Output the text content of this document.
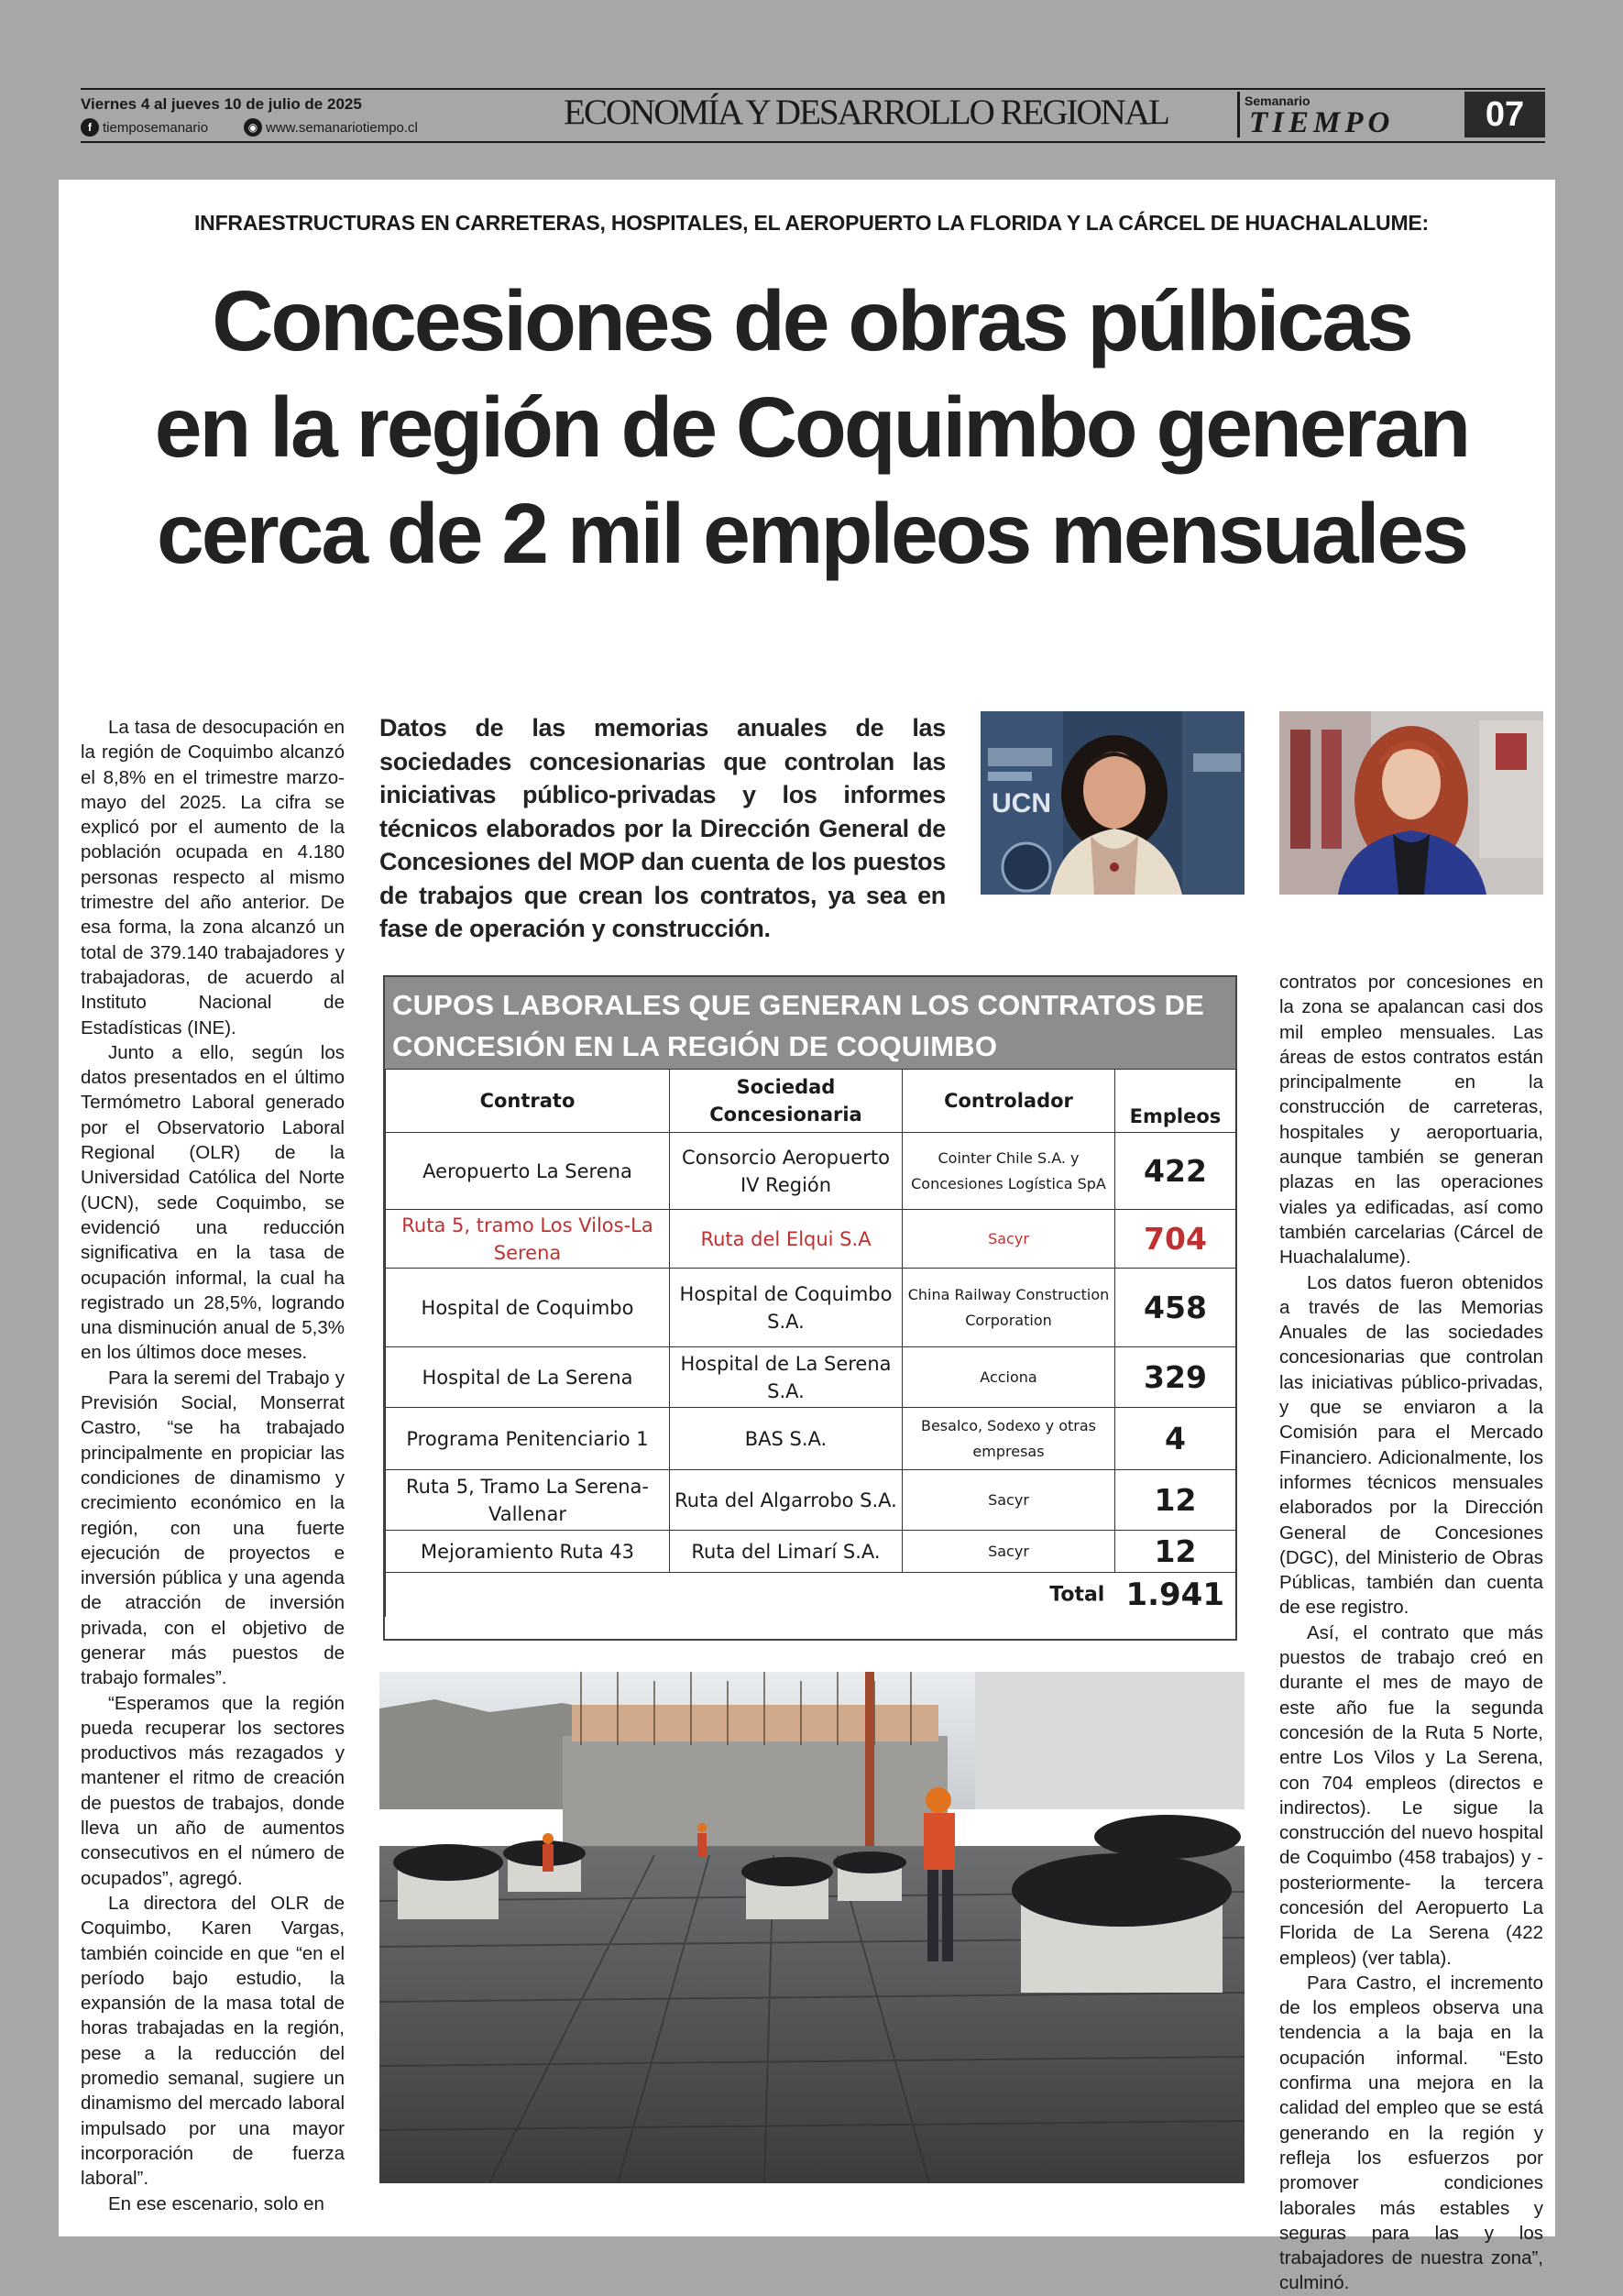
Viernes 4 al jueves 10 de julio de 2025
f tiemposemanario	◉ www.semanariotiempo.cl	ECONOMÍA Y DESARROLLO REGIONAL	Semanario
TIEMPO	07
INFRAESTRUCTURAS EN CARRETERAS, HOSPITALES, EL AEROPUERTO LA FLORIDA Y LA CÁRCEL DE HUACHALALUME:
Concesiones de obras púlbicas
en la región de Coquimbo generan
cerca de 2 mil empleos mensuales

La tasa de desocupación en la región de Coquimbo alcanzó el 8,8% en el trimestre marzo-mayo del 2025. La cifra se explicó por el aumento de la población ocupada en 4.180 personas respecto al mismo trimestre del año anterior. De esa forma, la zona alcanzó un total de 379.140 trabajadores y trabajadoras, de acuerdo al Instituto Nacional de Estadísticas (INE).

Junto a ello, según los datos presentados en el último Termómetro Laboral generado por el Observatorio Laboral Regional (OLR) de la Universidad Católica del Norte (UCN), sede Coquimbo, se evidenció una reducción significativa en la tasa de ocupación informal, la cual ha registrado un 28,5%, logrando una disminución anual de 5,3% en los últimos doce meses.

Para la seremi del Trabajo y Previsión Social, Monserrat Castro, “se ha trabajado principalmente en propiciar las condiciones de dinamismo y crecimiento económico en la región, con una fuerte ejecución de proyectos e inversión pública y una agenda de atracción de inversión privada, con el objetivo de generar más puestos de trabajo formales”.

“Esperamos que la región pueda recuperar los sectores productivos más rezagados y mantener el ritmo de creación de puestos de trabajos, donde lleva un año de aumentos consecutivos en el número de ocupados”, agregó.

La directora del OLR de Coquimbo, Karen Vargas, también coincide en que “en el período bajo estudio, la expansión de la masa total de horas trabajadas en la región, pese a la reducción del promedio semanal, sugiere un dinamismo del mercado laboral impulsado por una mayor incorporación de fuerza laboral”.

En ese escenario, solo en

Datos de las memorias anuales de las sociedades concesionarias que controlan las iniciativas público-privadas y los informes técnicos elaborados por la Dirección General de Concesiones del MOP dan cuenta de los puestos de trabajos que crean los contratos, ya sea en fase de operación y construcción.
UCN
CUPOS LABORALES QUE GENERAN LOS CONTRATOS DE
CONCESIÓN EN LA REGIÓN DE COQUIMBO
Contrato	Sociedad Concesionaria	Controlador	Empleos
Aeropuerto La Serena	Consorcio Aeropuerto IV Región	Cointer Chile S.A. y Concesiones Logística SpA	422
Ruta 5, tramo Los Vilos-La Serena	Ruta del Elqui S.A	Sacyr	704
Hospital de Coquimbo	Hospital de Coquimbo S.A.	China Railway Construction Corporation	458
Hospital de La Serena	Hospital de La Serena S.A.	Acciona	329
Programa Penitenciario 1	BAS S.A.	Besalco, Sodexo y otras empresas	4
Ruta 5, Tramo La Serena-Vallenar	Ruta del Algarrobo S.A.	Sacyr	12
Mejoramiento Ruta 43	Ruta del Limarí S.A.	Sacyr	12
Total 1.941			

contratos por concesiones en la zona se apalancan casi dos mil empleo mensuales. Las áreas de estos contratos están principalmente en la construcción de carreteras, hospitales y aeroportuaria, aunque también se generan plazas en las operaciones viales ya edificadas, así como también carcelarias (Cárcel de Huachalalume).

Los datos fueron obtenidos a través de las Memorias Anuales de las sociedades concesionarias que controlan las iniciativas público-privadas, y que se enviaron a la Comisión para el Mercado Financiero. Adicionalmente, los informes técnicos mensuales elaborados por la Dirección General de Concesiones (DGC), del Ministerio de Obras Públicas, también dan cuenta de ese registro.

Así, el contrato que más puestos de trabajo creó en durante el mes de mayo de este año fue la segunda concesión de la Ruta 5 Norte, entre Los Vilos y La Serena, con 704 empleos (directos e indirectos). Le sigue la construcción del nuevo hospital de Coquimbo (458 trabajos) y -posteriormente- la tercera concesión del Aeropuerto La Florida de La Serena (422 empleos) (ver tabla).

Para Castro, el incremento de los empleos observa una tendencia a la baja en la ocupación informal. “Esto confirma una mejora en la calidad del empleo que se está generando en la región y refleja los esfuerzos por promover condiciones laborales más estables y seguras para las y los trabajadores de nuestra zona”, culminó.
